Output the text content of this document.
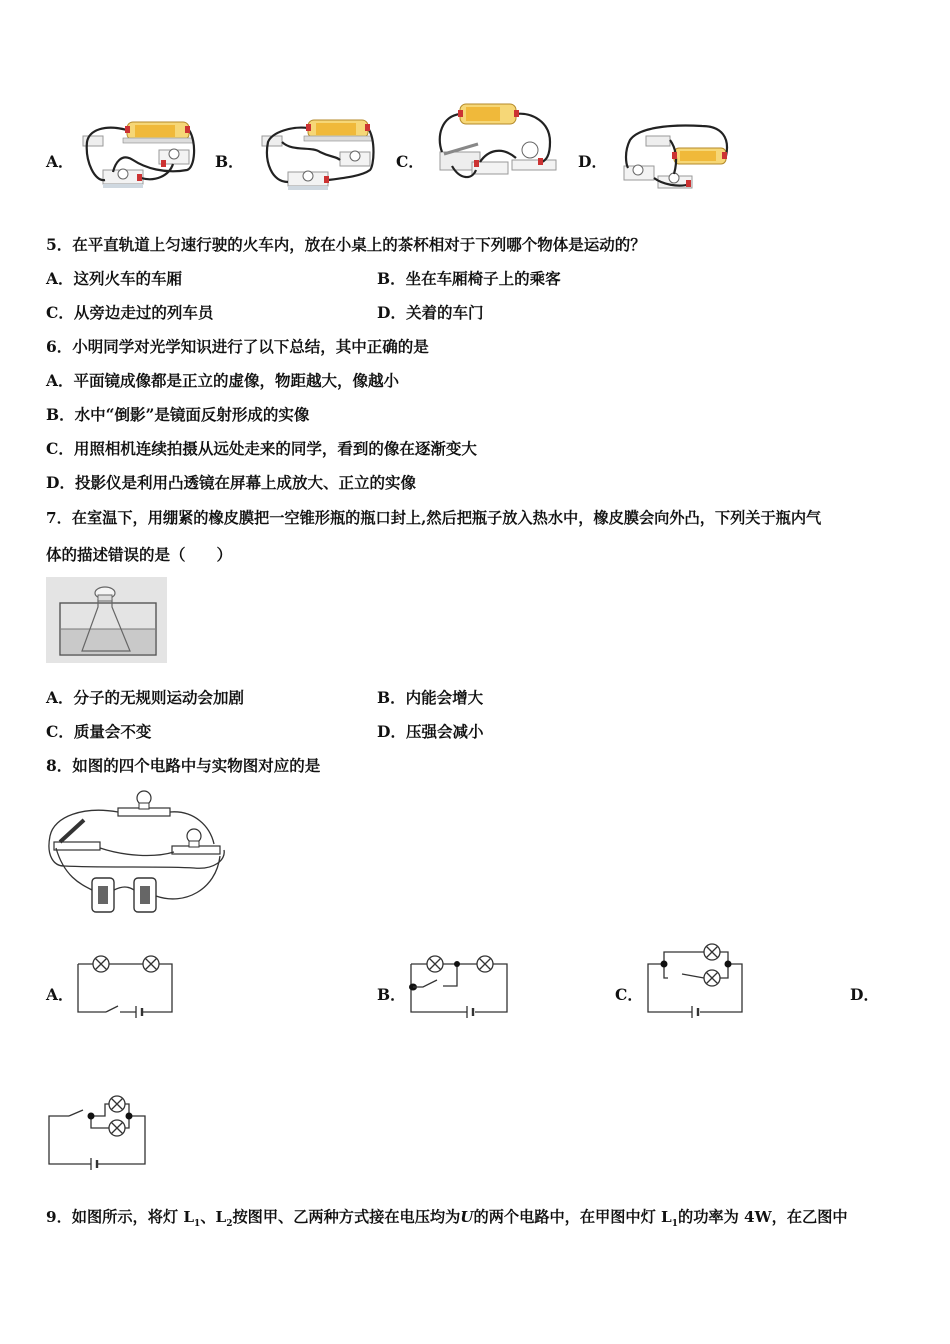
A．	B．	C．	D．
5．在平直轨道上匀速行驶的火车内，放在小桌上的茶杯相对于下列哪个物体是运动的？
A．这列火车的车厢	B．坐在车厢椅子上的乘客
C．从旁边走过的列车员	D．关着的车门
6．小明同学对光学知识进行了以下总结，其中正确的是
A．平面镜成像都是正立的虚像，物距越大，像越小
B．水中“倒影”是镜面反射形成的实像
C．用照相机连续拍摄从远处走来的同学，看到的像在逐渐变大
D．投影仪是利用凸透镜在屏幕上成放大、正立的实像
7．在室温下，用绷紧的橡皮膜把一空锥形瓶的瓶口封上,然后把瓶子放入热水中，橡皮膜会向外凸，下列关于瓶内气
体的描述错误的是（　　）
A．分子的无规则运动会加剧	B．内能会增大
C．质量会不变	D．压强会减小
8．如图的四个电路中与实物图对应的是
A．	B．	C．	D．
9．如图所示，将灯 $L_1$、$L_2$按图甲、乙两种方式接在电压均为U的两个电路中，在甲图中灯 $L_1$的功率为 4W，在乙图中
